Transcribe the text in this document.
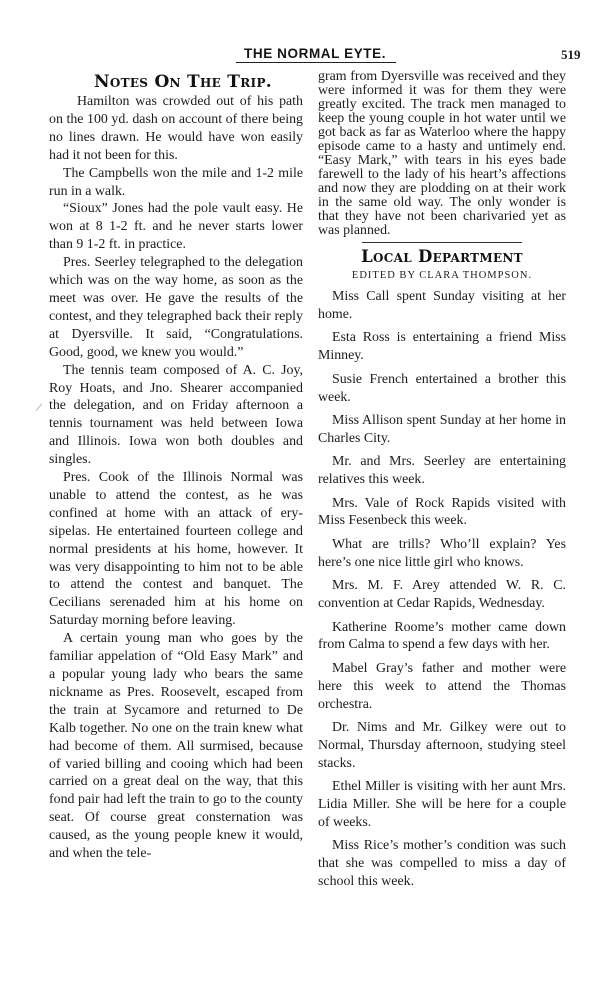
THE NORMAL EYTE.	519
⁄
Notes On The Trip.

Hamilton was crowded out of his path on the 100 yd. dash on account of there being no lines drawn. He would have won easily had it not been for this.

The Campbells won the mile and 1-2 mile run in a walk.

“Sioux” Jones had the pole vault easy. He won at 8 1-2 ft. and he never starts lower than 9 1-2 ft. in practice.

Pres. Seerley telegraphed to the delegation which was on the way home, as soon as the meet was over. He gave the results of the contest, and they telegraphed back their reply at Dyersville. It said, “Congratulations. Good, good, we knew you would.”

The tennis team composed of A. C. Joy, Roy Hoats, and Jno. Shearer accompanied the delegation, and on Friday afternoon a tennis tournament was held between Iowa and Illinois. Iowa won both doubles and singles.

Pres. Cook of the Illinois Normal was unable to attend the contest, as he was confined at home with an attack of erysipelas. He entertained fourteen college and normal presidents at his home, however. It was very disappointing to him not to be able to attend the contest and banquet. The Cecilians serenaded him at his home on Saturday morning before leaving.

A certain young man who goes by the familiar appelation of “Old Easy Mark” and a popular young lady who bears the same nickname as Pres. Roosevelt, escaped from the train at Sycamore and returned to De Kalb together. No one on the train knew what had become of them. All surmised, because of varied billing and cooing which had been carried on a great deal on the way, that this fond pair had left the train to go to the county seat. Of course great consternation was caused, as the young people knew it would, and when the tele-

gram from Dyersville was received and they were informed it was for them they were greatly excited. The track men managed to keep the young couple in hot water until we got back as far as Waterloo where the happy episode came to a hasty and untimely end. “Easy Mark,” with tears in his eyes bade farewell to the lady of his heart’s affections and now they are plodding on at their work in the same old way. The only wonder is that they have not been charivaried yet as was planned.

Local Department
EDITED BY CLARA THOMPSON.

Miss Call spent Sunday visiting at her home.

Esta Ross is entertaining a friend Miss Minney.

Susie French entertained a brother this week.

Miss Allison spent Sunday at her home in Charles City.

Mr. and Mrs. Seerley are entertaining relatives this week.

Mrs. Vale of Rock Rapids visited with Miss Fesenbeck this week.

What are trills? Who’ll explain? Yes here’s one nice little girl who knows.

Mrs. M. F. Arey attended W. R. C. convention at Cedar Rapids, Wednesday.

Katherine Roome’s mother came down from Calma to spend a few days with her.

Mabel Gray’s father and mother were here this week to attend the Thomas orchestra.

Dr. Nims and Mr. Gilkey were out to Normal, Thursday afternoon, studying steel stacks.

Ethel Miller is visiting with her aunt Mrs. Lidia Miller. She will be here for a couple of weeks.

Miss Rice’s mother’s condition was such that she was compelled to miss a day of school this week.
